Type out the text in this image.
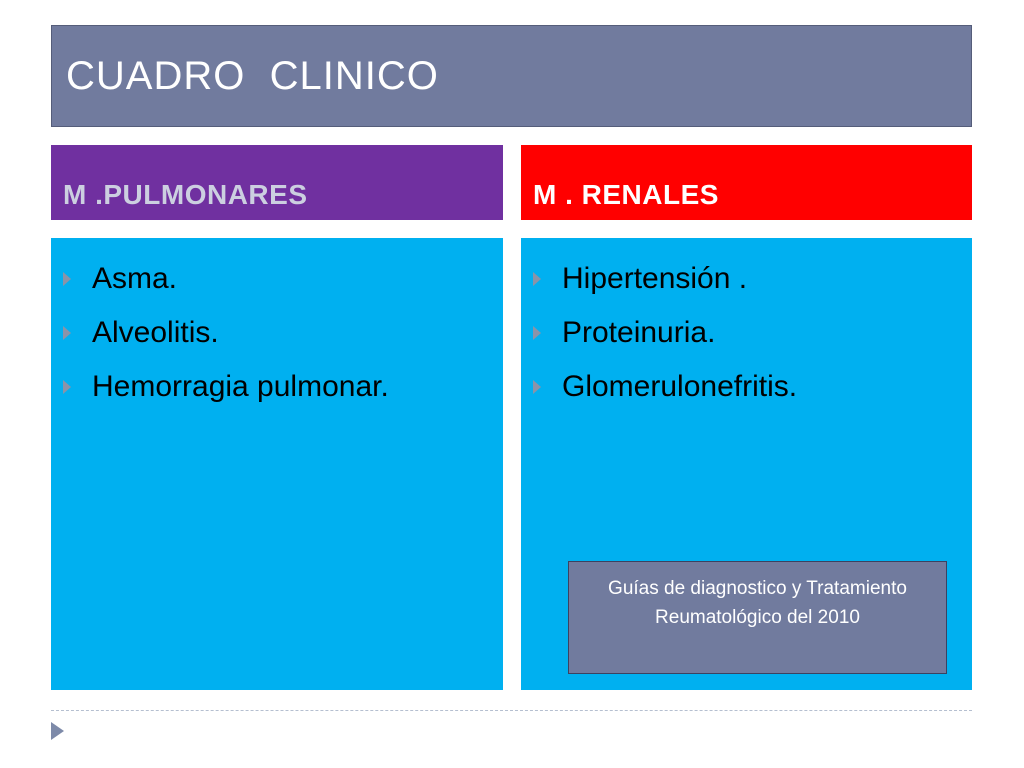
CUADRO  CLINICO
M .PULMONARES	M . RENALES
Asma.
Alveolitis.
Hemorragia pulmonar.
Hipertensión .
Proteinuria.
Glomerulonefritis.
Guías de diagnostico y Tratamiento Reumatológico del 2010
